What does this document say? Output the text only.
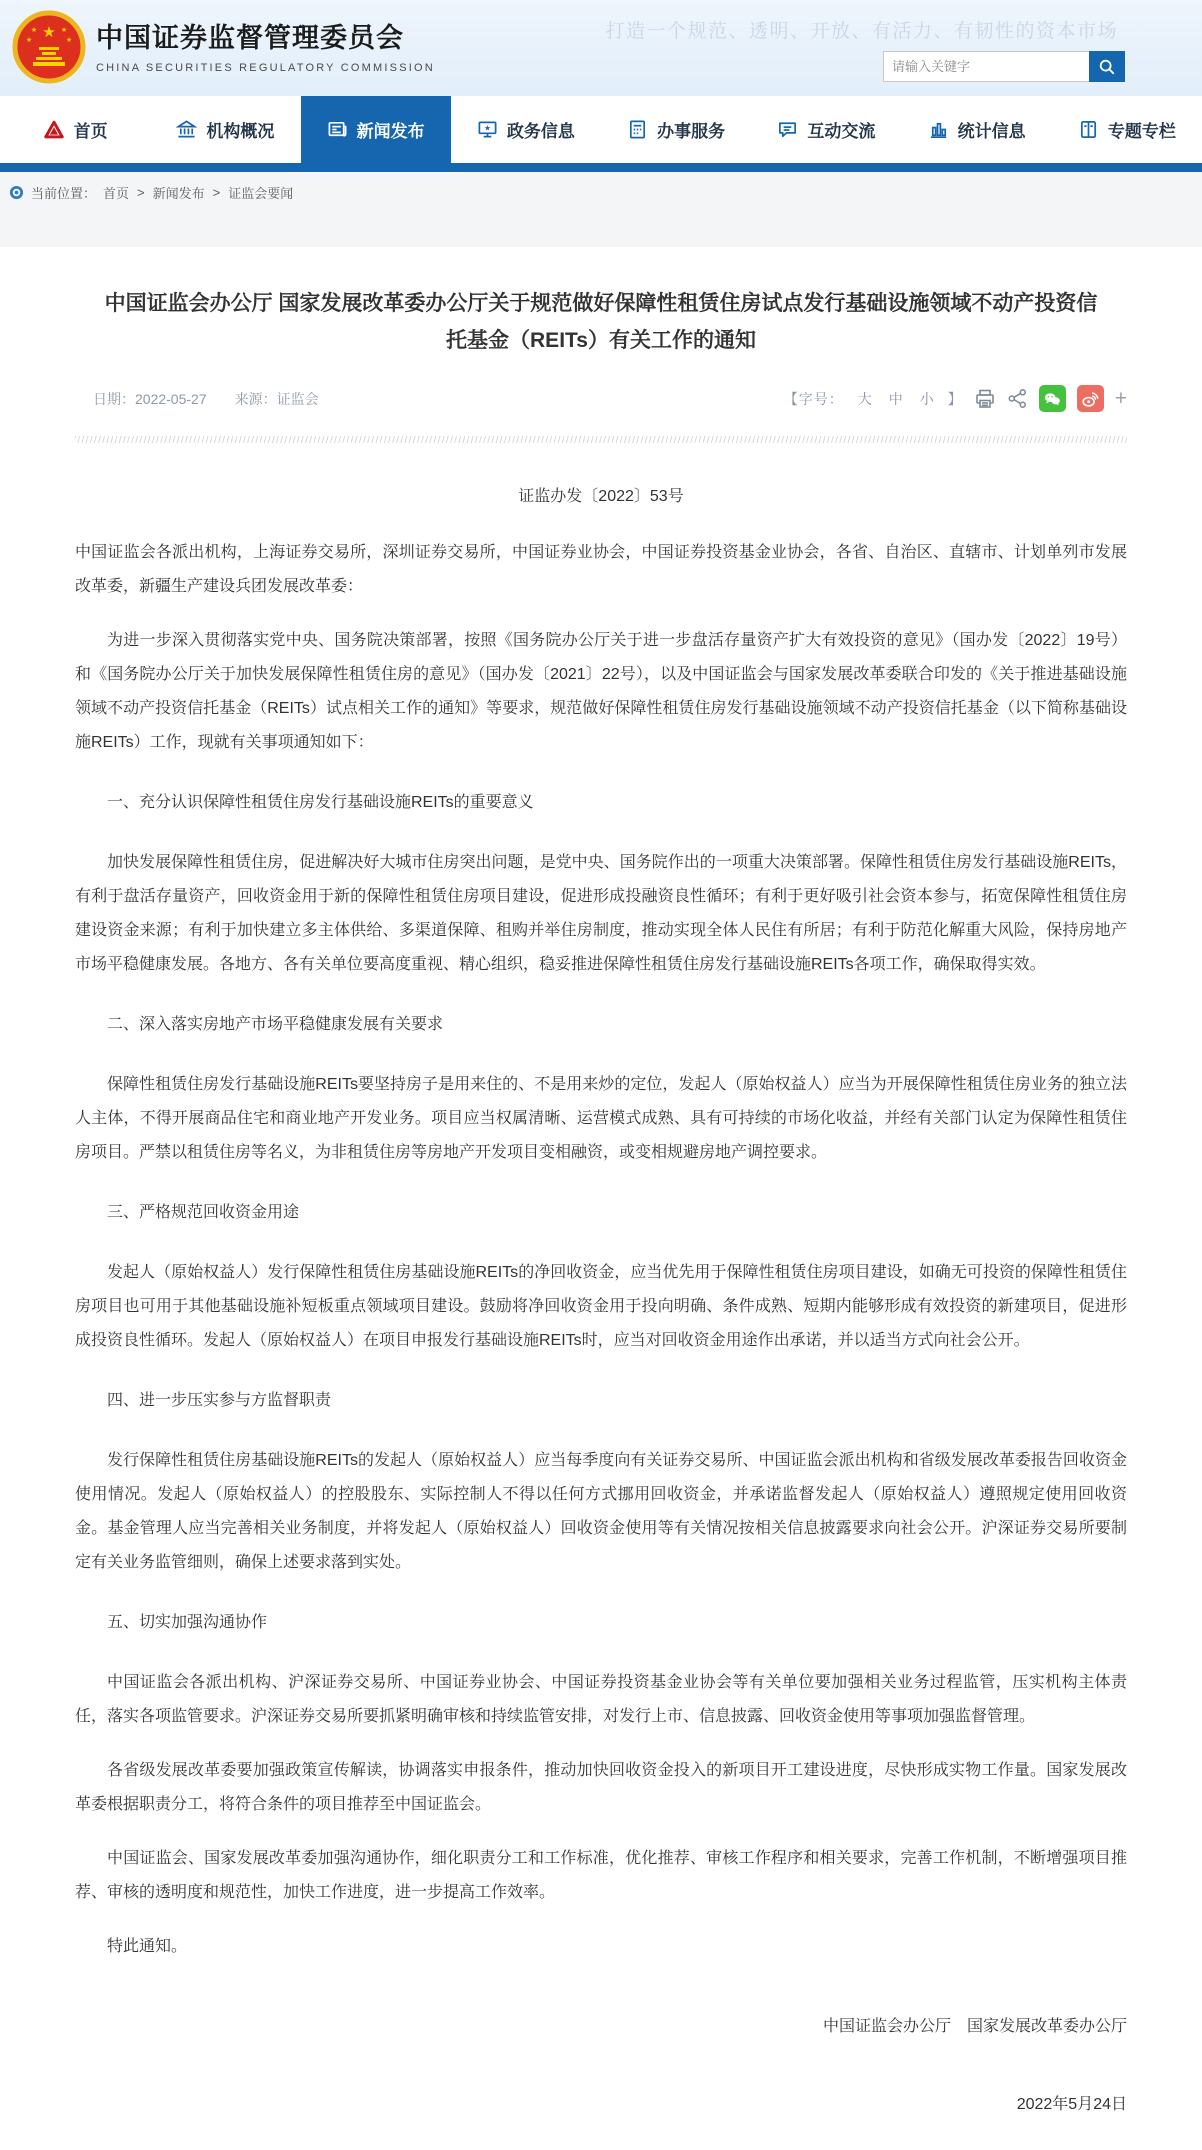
★
★	★
★	★ 中国证券监督管理委员会
CHINA SECURITIES REGULATORY COMMISSION
打造一个规范、透明、开放、有活力、有韧性的资本市场
请输入关键字
首页	机构概况	新闻发布	★ 政务信息	办事服务	互动交流	统计信息	专题专栏
当前位置： 首页 > 新闻发布 > 证监会要闻
中国证监会办公厅 国家发展改革委办公厅关于规范做好保障性租赁住房试点发行基础设施领域不动产投资信托基金（REITs）有关工作的通知
日期：2022-05-27 来源：证监会	【字号： 大 中 小 】	+
证监办发〔2022〕53号

中国证监会各派出机构，上海证券交易所，深圳证券交易所，中国证券业协会，中国证券投资基金业协会，各省、自治区、直辖市、计划单列市发展改革委，新疆生产建设兵团发展改革委：

为进一步深入贯彻落实党中央、国务院决策部署，按照《国务院办公厅关于进一步盘活存量资产扩大有效投资的意见》（国办发〔2022〕19号）和《国务院办公厅关于加快发展保障性租赁住房的意见》（国办发〔2021〕22号），以及中国证监会与国家发展改革委联合印发的《关于推进基础设施领域不动产投资信托基金（REITs）试点相关工作的通知》等要求，规范做好保障性租赁住房发行基础设施领域不动产投资信托基金（以下简称基础设施REITs）工作，现就有关事项通知如下：

一、充分认识保障性租赁住房发行基础设施REITs的重要意义

加快发展保障性租赁住房，促进解决好大城市住房突出问题，是党中央、国务院作出的一项重大决策部署。保障性租赁住房发行基础设施REITs，有利于盘活存量资产，回收资金用于新的保障性租赁住房项目建设，促进形成投融资良性循环；有利于更好吸引社会资本参与，拓宽保障性租赁住房建设资金来源；有利于加快建立多主体供给、多渠道保障、租购并举住房制度，推动实现全体人民住有所居；有利于防范化解重大风险，保持房地产市场平稳健康发展。各地方、各有关单位要高度重视、精心组织，稳妥推进保障性租赁住房发行基础设施REITs各项工作，确保取得实效。

二、深入落实房地产市场平稳健康发展有关要求

保障性租赁住房发行基础设施REITs要坚持房子是用来住的、不是用来炒的定位，发起人（原始权益人）应当为开展保障性租赁住房业务的独立法人主体，不得开展商品住宅和商业地产开发业务。项目应当权属清晰、运营模式成熟、具有可持续的市场化收益，并经有关部门认定为保障性租赁住房项目。严禁以租赁住房等名义，为非租赁住房等房地产开发项目变相融资，或变相规避房地产调控要求。

三、严格规范回收资金用途

发起人（原始权益人）发行保障性租赁住房基础设施REITs的净回收资金，应当优先用于保障性租赁住房项目建设，如确无可投资的保障性租赁住房项目也可用于其他基础设施补短板重点领域项目建设。鼓励将净回收资金用于投向明确、条件成熟、短期内能够形成有效投资的新建项目，促进形成投资良性循环。发起人（原始权益人）在项目申报发行基础设施REITs时，应当对回收资金用途作出承诺，并以适当方式向社会公开。

四、进一步压实参与方监督职责

发行保障性租赁住房基础设施REITs的发起人（原始权益人）应当每季度向有关证券交易所、中国证监会派出机构和省级发展改革委报告回收资金使用情况。发起人（原始权益人）的控股股东、实际控制人不得以任何方式挪用回收资金，并承诺监督发起人（原始权益人）遵照规定使用回收资金。基金管理人应当完善相关业务制度，并将发起人（原始权益人）回收资金使用等有关情况按相关信息披露要求向社会公开。沪深证券交易所要制定有关业务监管细则，确保上述要求落到实处。

五、切实加强沟通协作

中国证监会各派出机构、沪深证券交易所、中国证券业协会、中国证券投资基金业协会等有关单位要加强相关业务过程监管，压实机构主体责任，落实各项监管要求。沪深证券交易所要抓紧明确审核和持续监管安排，对发行上市、信息披露、回收资金使用等事项加强监督管理。

各省级发展改革委要加强政策宣传解读，协调落实申报条件，推动加快回收资金投入的新项目开工建设进度，尽快形成实物工作量。国家发展改革委根据职责分工，将符合条件的项目推荐至中国证监会。

中国证监会、国家发展改革委加强沟通协作，细化职责分工和工作标准，优化推荐、审核工作程序和相关要求，完善工作机制，不断增强项目推荐、审核的透明度和规范性，加快工作进度，进一步提高工作效率。

特此通知。

中国证监会办公厅　国家发展改革委办公厅
2022年5月24日
